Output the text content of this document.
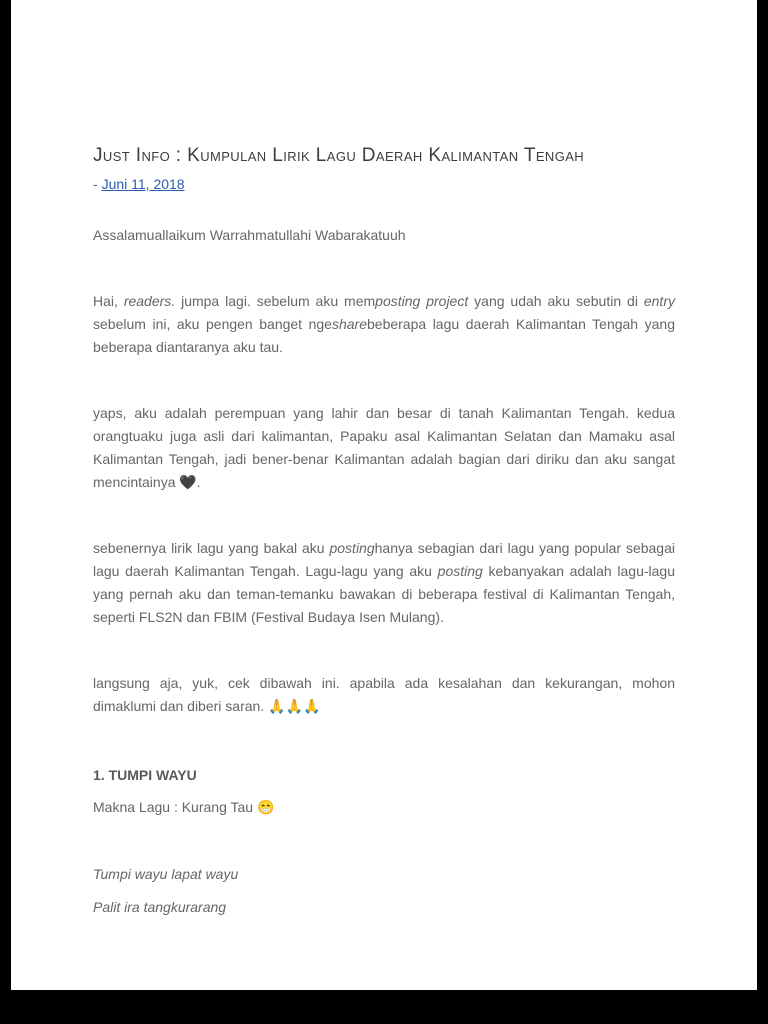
Just Info : Kumpulan Lirik Lagu Daerah Kalimantan Tengah
- Juni 11, 2018

Assalamuallaikum Warrahmatullahi Wabarakatuuh

Hai, readers. jumpa lagi. sebelum aku memposting project yang udah aku sebutin di entry sebelum ini, aku pengen banget ngesharebeberapa lagu daerah Kalimantan Tengah yang beberapa diantaranya aku tau.

yaps, aku adalah perempuan yang lahir dan besar di tanah Kalimantan Tengah. kedua orangtuaku juga asli dari kalimantan, Papaku asal Kalimantan Selatan dan Mamaku asal Kalimantan Tengah, jadi bener-benar Kalimantan adalah bagian dari diriku dan aku sangat mencintainya 🖤.

sebenernya lirik lagu yang bakal aku postinghanya sebagian dari lagu yang popular sebagai lagu daerah Kalimantan Tengah. Lagu-lagu yang aku posting kebanyakan adalah lagu-lagu yang pernah aku dan teman-temanku bawakan di beberapa festival di Kalimantan Tengah, seperti FLS2N dan FBIM (Festival Budaya Isen Mulang).

langsung aja, yuk, cek dibawah ini. apabila ada kesalahan dan kekurangan, mohon dimaklumi dan diberi saran. 🙏🙏🙏

1. TUMPI WAYU

Makna Lagu : Kurang Tau 😁

Tumpi wayu lapat wayu

Palit ira tangkurarang
